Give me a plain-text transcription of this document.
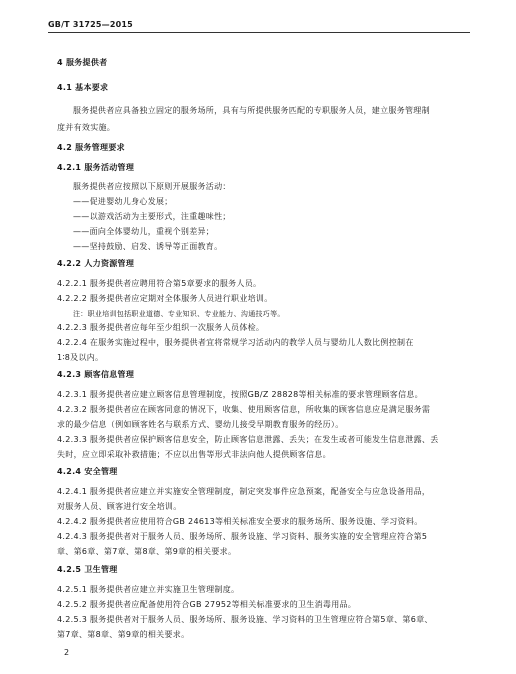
GB/T 31725—2015
4 服务提供者
4.1 基本要求
服务提供者应具备独立固定的服务场所，具有与所提供服务匹配的专职服务人员，建立服务管理制
度并有效实施。
4.2 服务管理要求
4.2.1 服务活动管理
服务提供者应按照以下原则开展服务活动：
——促进婴幼儿身心发展；
——以游戏活动为主要形式，注重趣味性；
——面向全体婴幼儿，重视个别差异；
——坚持鼓励、启发、诱导等正面教育。
4.2.2 人力资源管理
4.2.2.1 服务提供者应聘用符合第5章要求的服务人员。
4.2.2.2 服务提供者应定期对全体服务人员进行职业培训。
注：职业培训包括职业道德、专业知识、专业能力、沟通技巧等。
4.2.2.3 服务提供者应每年至少组织一次服务人员体检。
4.2.2.4 在服务实施过程中，服务提供者宜将常规学习活动内的教学人员与婴幼儿人数比例控制在
1∶8及以内。
4.2.3 顾客信息管理
4.2.3.1 服务提供者应建立顾客信息管理制度，按照GB/Z 28828等相关标准的要求管理顾客信息。
4.2.3.2 服务提供者应在顾客同意的情况下，收集、使用顾客信息，所收集的顾客信息应是满足服务需
求的最少信息（例如顾客姓名与联系方式、婴幼儿接受早期教育服务的经历）。
4.2.3.3 服务提供者应保护顾客信息安全，防止顾客信息泄露、丢失；在发生或者可能发生信息泄露、丢
失时，应立即采取补救措施；不应以出售等形式非法向他人提供顾客信息。
4.2.4 安全管理
4.2.4.1 服务提供者应建立并实施安全管理制度，制定突发事件应急预案，配备安全与应急设备用品，
对服务人员、顾客进行安全培训。
4.2.4.2 服务提供者应使用符合GB 24613等相关标准安全要求的服务场所、服务设施、学习资料。
4.2.4.3 服务提供者对于服务人员、服务场所、服务设施、学习资料、服务实施的安全管理应符合第5
章、第6章、第7章、第8章、第9章的相关要求。
4.2.5 卫生管理
4.2.5.1 服务提供者应建立并实施卫生管理制度。
4.2.5.2 服务提供者应配备使用符合GB 27952等相关标准要求的卫生消毒用品。
4.2.5.3 服务提供者对于服务人员、服务场所、服务设施、学习资料的卫生管理应符合第5章、第6章、
第7章、第8章、第9章的相关要求。
2
